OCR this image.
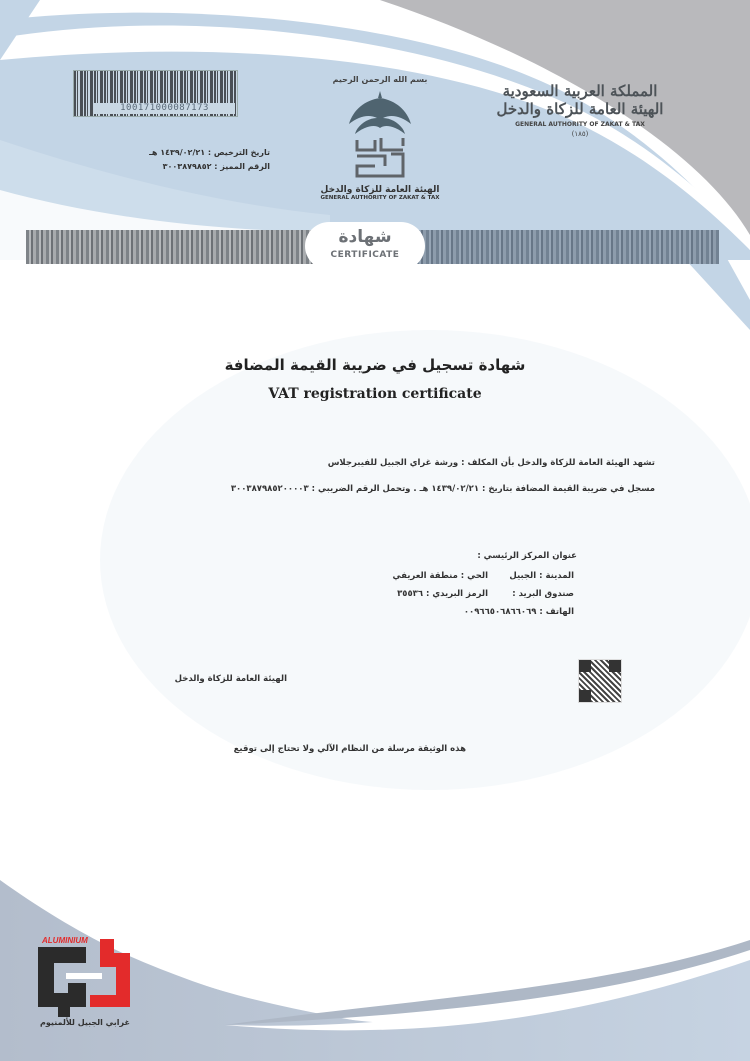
100171000087173
تاريخ الترخيص : ١٤٣٩/٠٢/٢١ هـ
الرقم المميز : ٣٠٠٣٨٧٩٨٥٢
بسم الله الرحمن الرحيم
الهيئة العامة للزكاة والدخل
GENERAL AUTHORITY OF ZAKAT & TAX
المملكة العربية السعودية
الهيئة العامة للزكاة والدخل
GENERAL AUTHORITY OF ZAKAT & TAX
(١٨٥)
شهادة
CERTIFICATE
شهادة تسجيل في ضريبة القيمة المضافة
VAT registration certificate
تشهد الهيئة العامة للزكاة والدخل بأن المكلف : ورشة غراي الجبيل للفيبرجلاس
مسجل في ضريبة القيمة المضافة بتاريخ : ١٤٣٩/٠٢/٢١ هـ . وتحمل الرقم الضريبي : ٣٠٠٣٨٧٩٨٥٢٠٠٠٠٣
عنوان المركز الرئيسي :
المدينة : الجبيل
الحي : منطقة العريفي
صندوق البريد :
الرمز البريدي : ٣٥٥٣٦
الهاتف : ٠٠٩٦٦٥٠٦٨٦٦٠٦٩
الهيئة العامة للزكاة والدخل
هذه الوثيقة مرسلة من النظام الآلي ولا تحتاج إلى توقيع
ALUMINIUM
غرابي الجبيل للألمنيوم
